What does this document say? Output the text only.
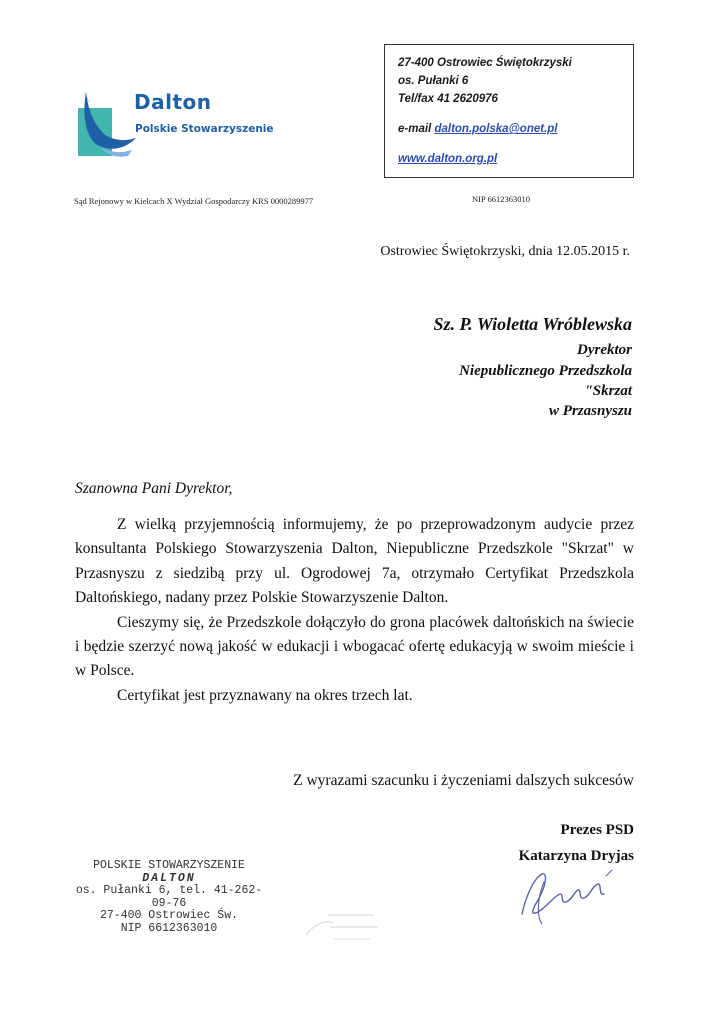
Dalton
Polskie Stowarzyszenie
27-400 Ostrowiec Świętokrzyski
os. Pułanki 6
Tel/fax 41 2620976
e-mail dalton.polska@onet.pl
www.dalton.org.pl
Sąd Rejonowy w Kielcach X Wydział Gospodarczy KRS 0000289977	NIP 6612363010
Ostrowiec Świętokrzyski, dnia 12.05.2015 r.
Sz. P. Wioletta Wróblewska
Dyrektor
Niepublicznego Przedszkola
"Skrzat
w Przasnyszu
Szanowna Pani Dyrektor,

Z wielką przyjemnością informujemy, że po przeprowadzonym audycie przez konsultanta Polskiego Stowarzyszenia Dalton, Niepubliczne Przedszkole "Skrzat" w Przasnyszu z siedzibą przy ul. Ogrodowej 7a, otrzymało Certyfikat Przedszkola Daltońskiego, nadany przez Polskie Stowarzyszenie Dalton.

Cieszymy się, że Przedszkole dołączyło do grona placówek daltońskich na świecie i będzie szerzyć nową jakość w edukacji i wbogacać ofertę edukacyją w swoim mieście i w Polsce.

Certyfikat jest przyznawany na okres trzech lat.

Z wyrazami szacunku i życzeniami dalszych sukcesów
Prezes PSD
Katarzyna Dryjas
POLSKIE STOWARZYSZENIE
DALTON
os. Pułanki 6, tel. 41-262-09-76
27-400 Ostrowiec Św.
NIP 6612363010
